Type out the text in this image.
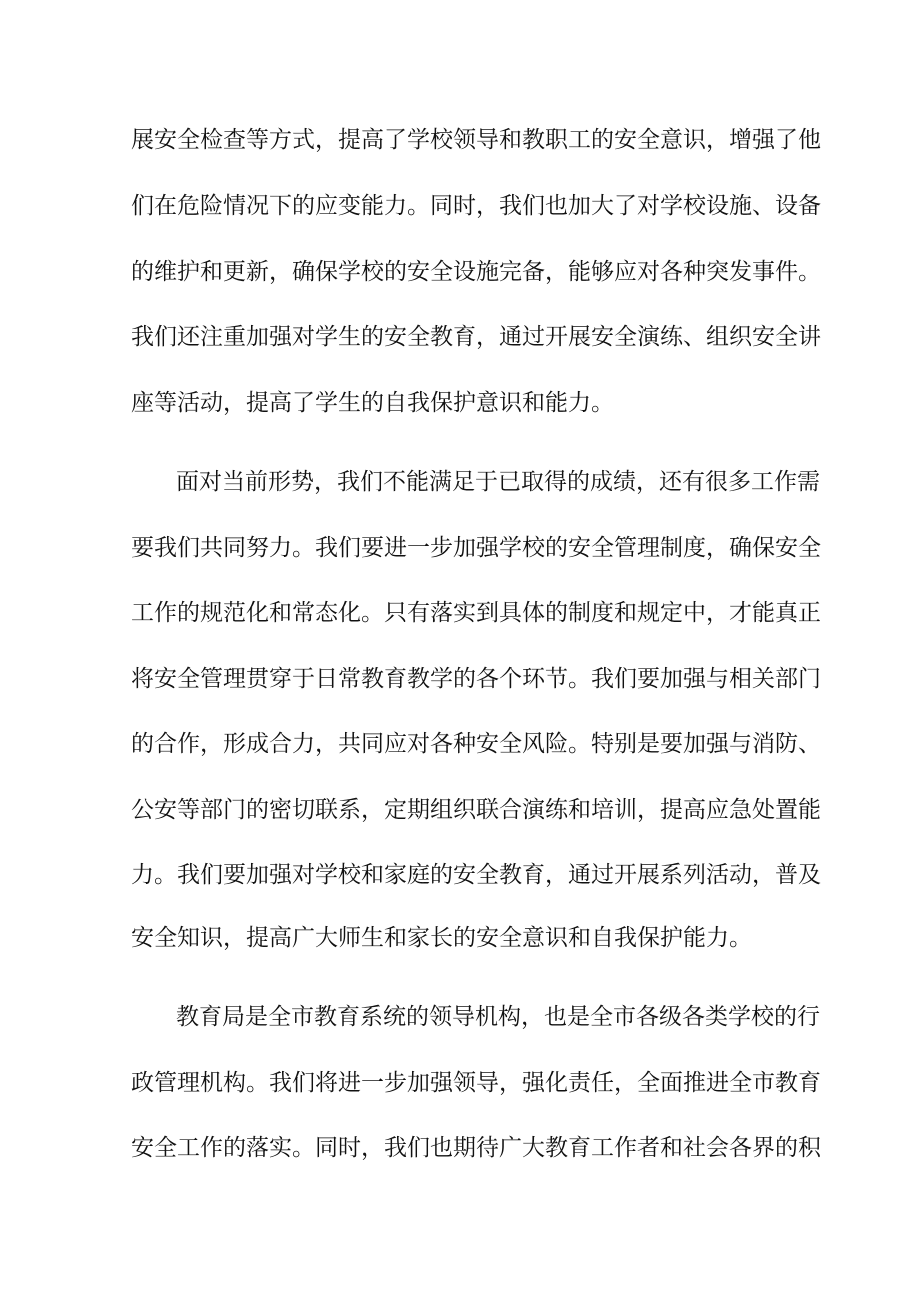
展安全检查等方式，提高了学校领导和教职工的安全意识，增强了他
们在危险情况下的应变能力。同时，我们也加大了对学校设施、设备
的维护和更新，确保学校的安全设施完备，能够应对各种突发事件。
我们还注重加强对学生的安全教育，通过开展安全演练、组织安全讲
座等活动，提高了学生的自我保护意识和能力。
面对当前形势，我们不能满足于已取得的成绩，还有很多工作需
要我们共同努力。我们要进一步加强学校的安全管理制度，确保安全
工作的规范化和常态化。只有落实到具体的制度和规定中，才能真正
将安全管理贯穿于日常教育教学的各个环节。我们要加强与相关部门
的合作，形成合力，共同应对各种安全风险。特别是要加强与消防、
公安等部门的密切联系，定期组织联合演练和培训，提高应急处置能
力。我们要加强对学校和家庭的安全教育，通过开展系列活动，普及
安全知识，提高广大师生和家长的安全意识和自我保护能力。
教育局是全市教育系统的领导机构，也是全市各级各类学校的行
政管理机构。我们将进一步加强领导，强化责任，全面推进全市教育
安全工作的落实。同时，我们也期待广大教育工作者和社会各界的积
